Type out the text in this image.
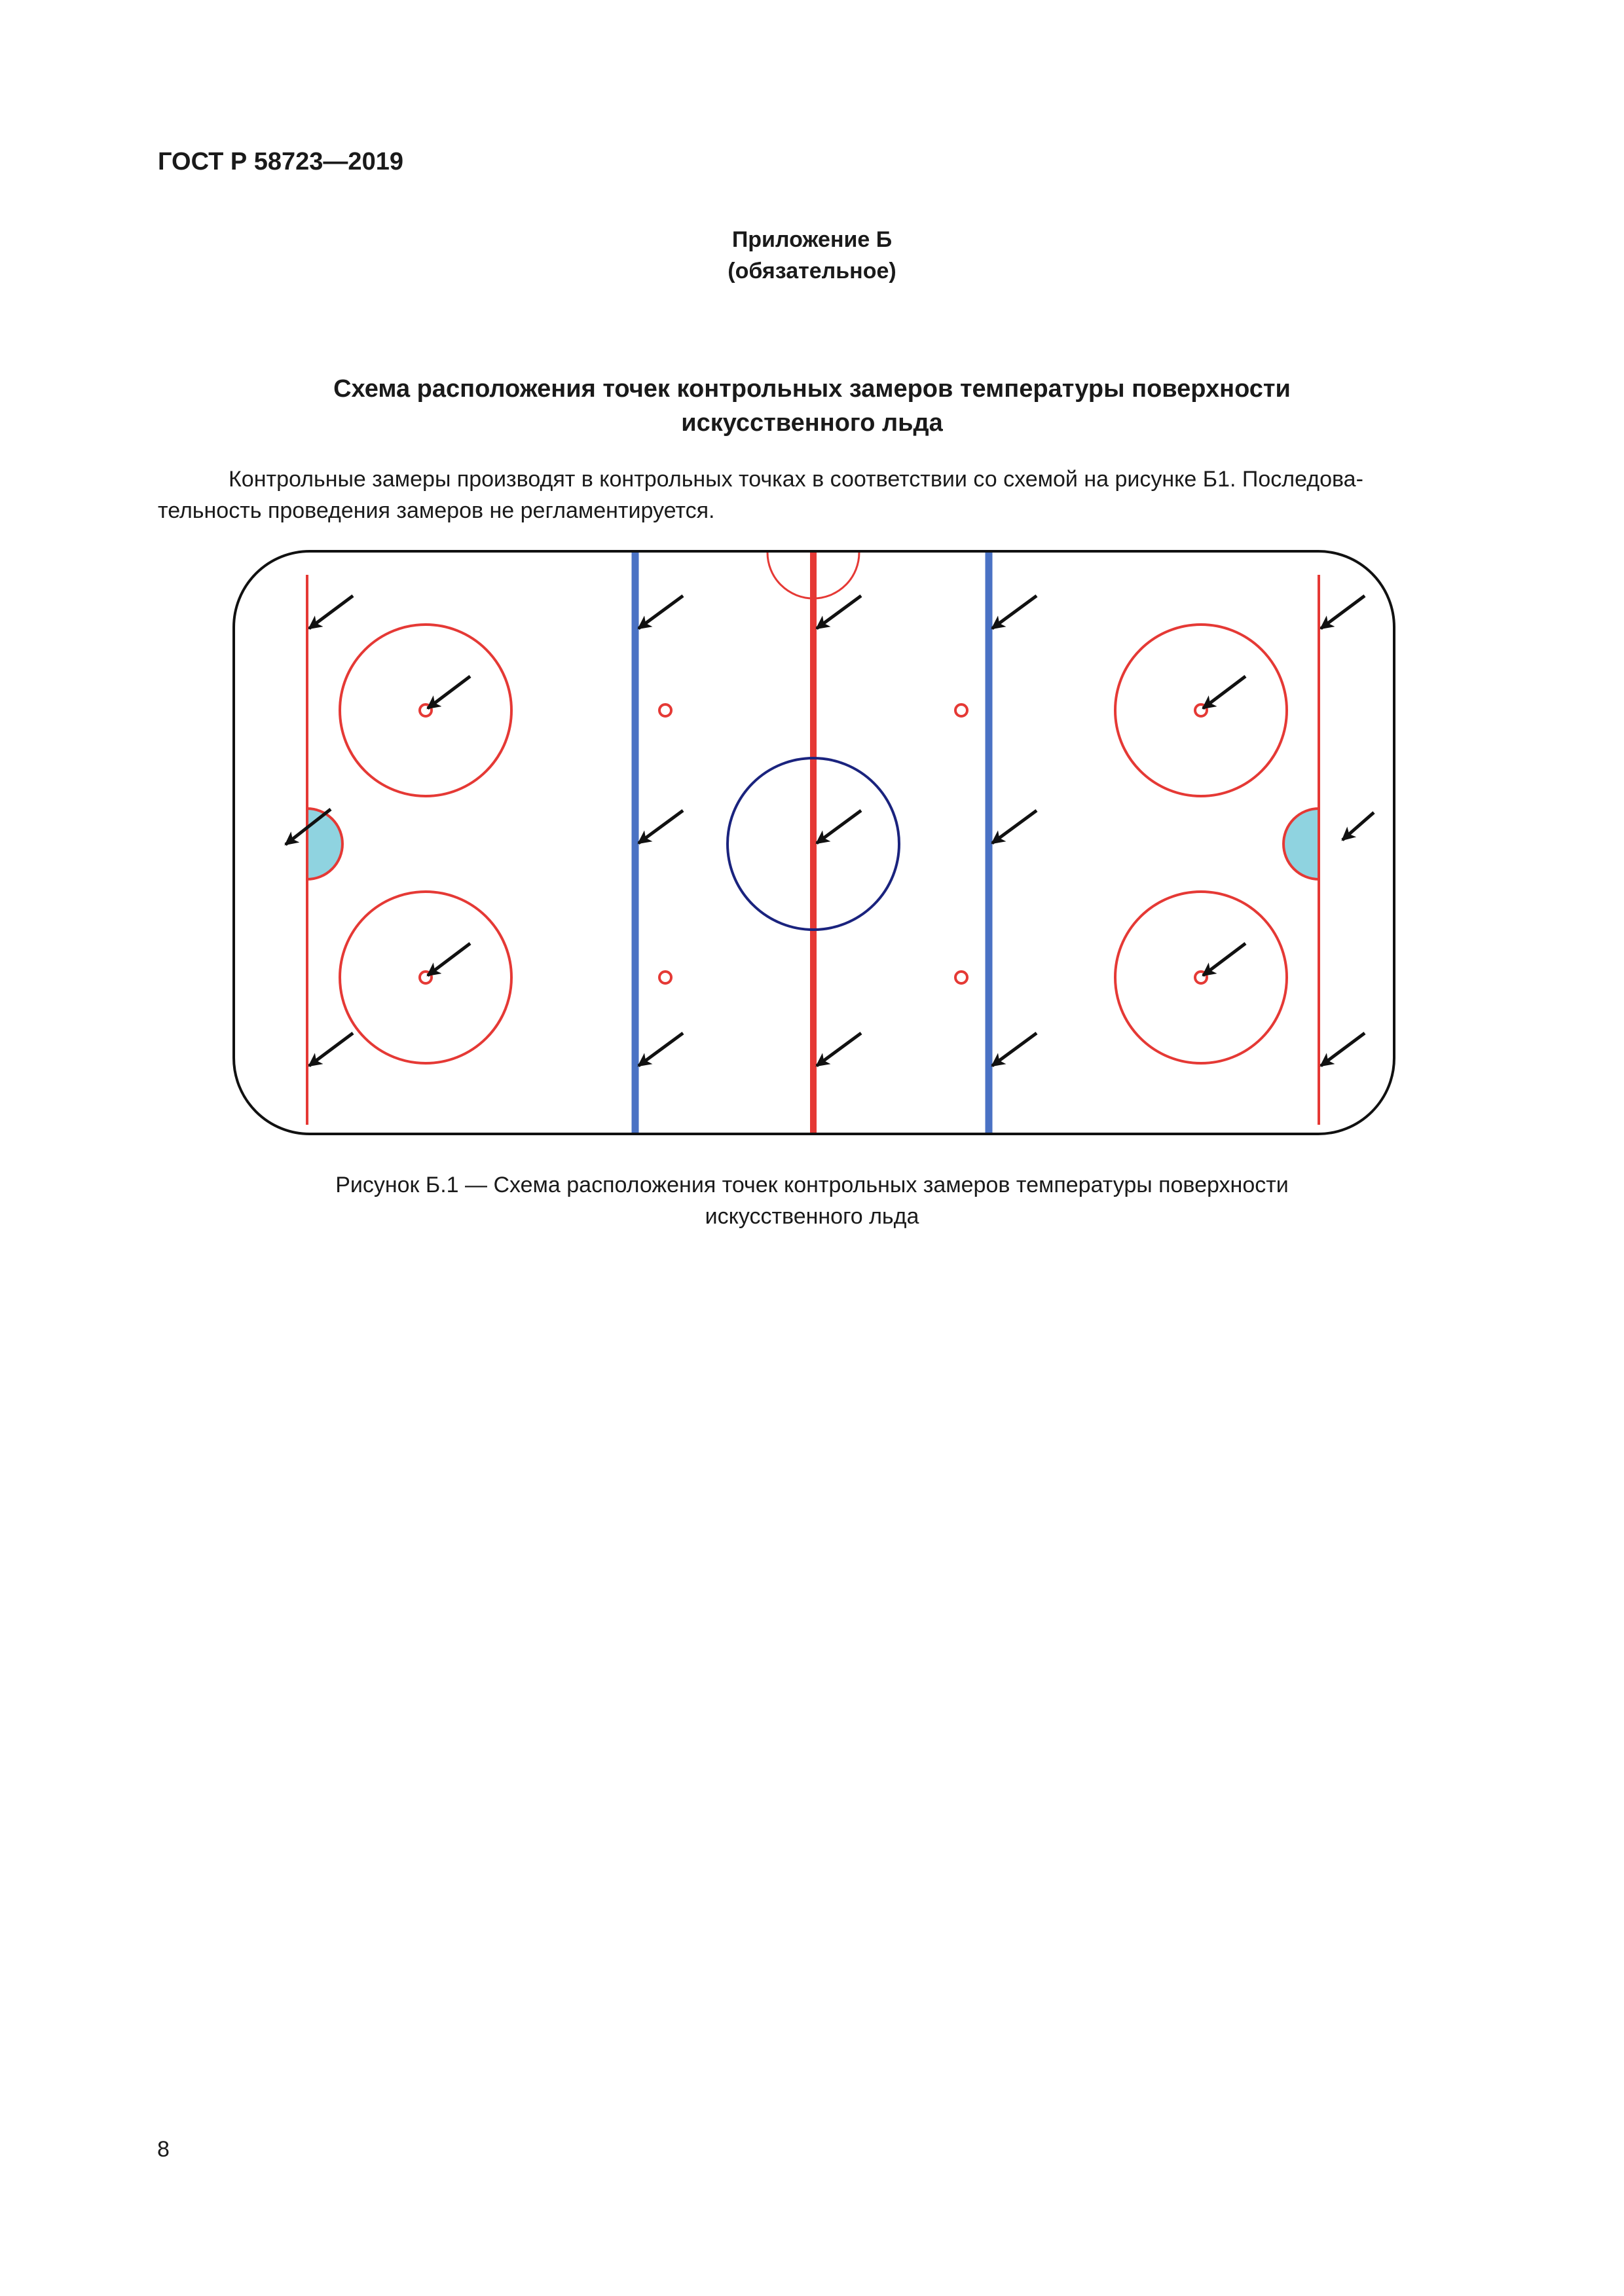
ГОСТ Р 58723—2019
Приложение Б
(обязательное)
Схема расположения точек контрольных замеров температуры поверхности
искусственного льда
Контрольные замеры производят в контрольных точках в соответствии со схемой на рисунке Б1. Последова-
тельность проведения замеров не регламентируется.
Рисунок Б.1 — Схема расположения точек контрольных замеров температуры поверхности
искусственного льда
8
